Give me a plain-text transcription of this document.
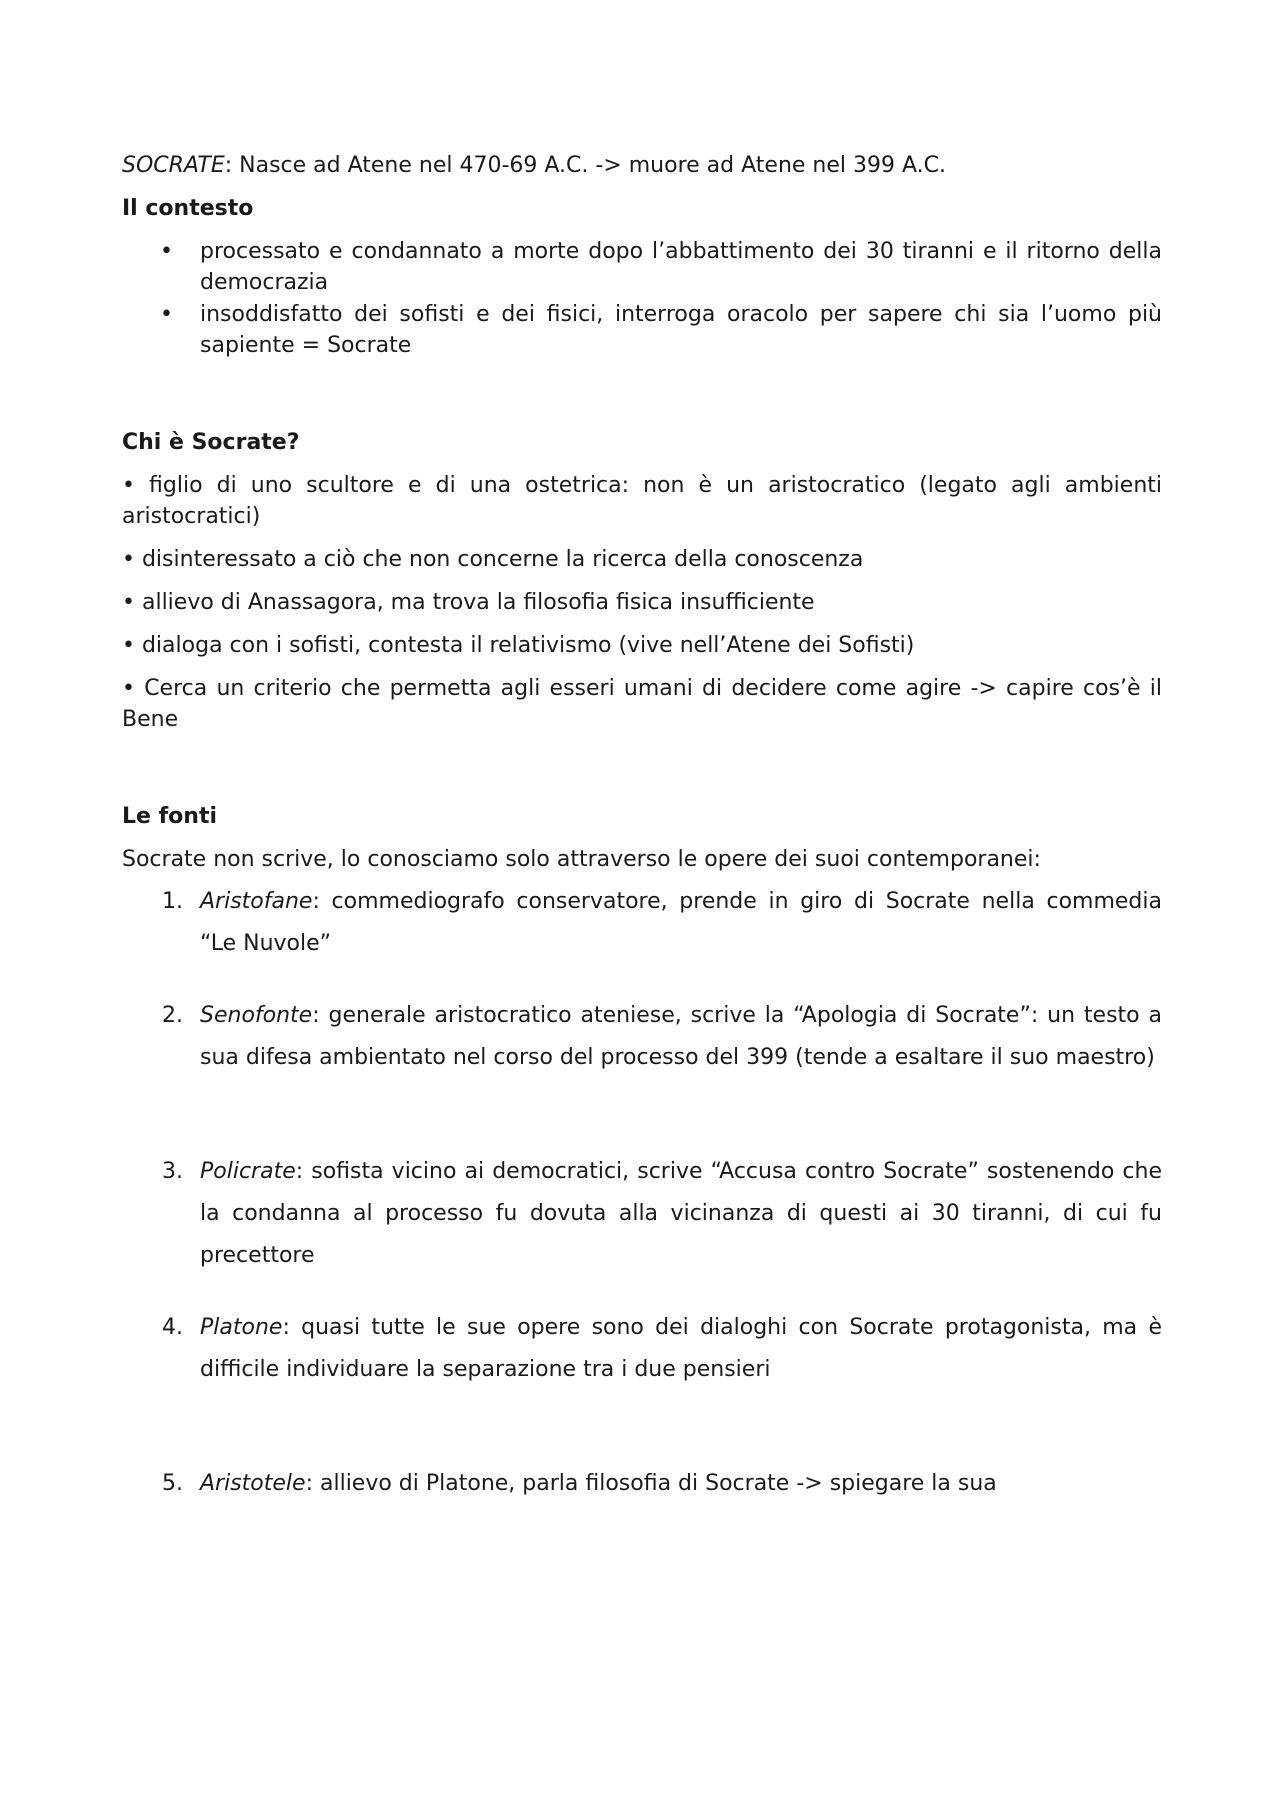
SOCRATE: Nasce ad Atene nel 470-69 A.C. -> muore ad Atene nel 399 A.C.

Il contesto

• processato e condannato a morte dopo l’abbattimento dei 30 tiranni e il ritorno della democrazia
• insoddisfatto dei sofisti e dei fisici, interroga oracolo per sapere chi sia l’uomo più sapiente = Socrate

Chi è Socrate?

• figlio di uno scultore e di una ostetrica: non è un aristocratico (legato agli ambienti aristocratici)

• disinteressato a ciò che non concerne la ricerca della conoscenza

• allievo di Anassagora, ma trova la filosofia fisica insufficiente

• dialoga con i sofisti, contesta il relativismo (vive nell’Atene dei Sofisti)

• Cerca un criterio che permetta agli esseri umani di decidere come agire -> capire cos’è il Bene

Le fonti

Socrate non scrive, lo conosciamo solo attraverso le opere dei suoi contemporanei:

1. Aristofane: commediografo conservatore, prende in giro di Socrate nella commedia “Le Nuvole”
2. Senofonte: generale aristocratico ateniese, scrive la “Apologia di Socrate”: un testo a sua difesa ambientato nel corso del processo del 399 (tende a esaltare il suo maestro)
3. Policrate: sofista vicino ai democratici, scrive “Accusa contro Socrate” sostenendo che la condanna al processo fu dovuta alla vicinanza di questi ai 30 tiranni, di cui fu precettore
4. Platone: quasi tutte le sue opere sono dei dialoghi con Socrate protagonista, ma è difficile individuare la separazione tra i due pensieri
5. Aristotele: allievo di Platone, parla filosofia di Socrate -> spiegare la sua
